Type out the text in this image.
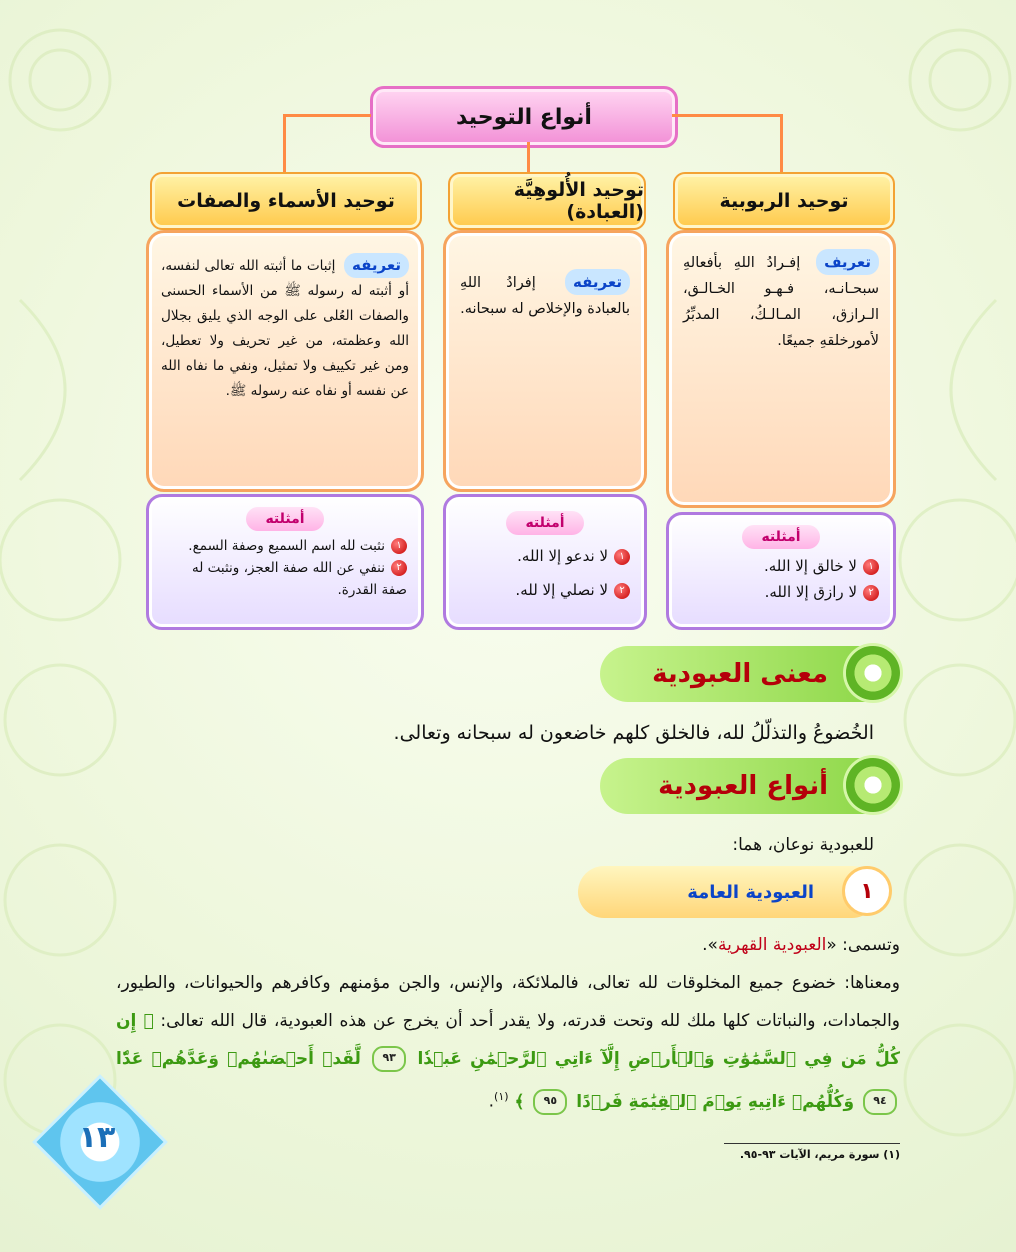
أنواع التوحيد
توحيد الربوبية
توحيد الأُلوهِيَّة (العبادة)
توحيد الأسماء والصفات
تعريف إفـرادُ اللهِ بأفعالهِ سبحـانـه، فـهـو الخـالـق، الـرازق، المـالـكُ، المدبِّرُ لأمورخلقهِ جميعًا.
تعريفه إفرادُ اللهِ بالعبادة والإخلاص له سبحانه.
تعريفه إثبات ما أثبته الله تعالى لنفسه، أو أثبته له رسوله ﷺ من الأسماء الحسنى والصفات العُلى على الوجه الذي يليق بجلال الله وعظمته، من غير تحريف ولا تعطيل، ومن غير تكييف ولا تمثيل، ونفي ما نفاه الله عن نفسه أو نفاه عنه رسوله ﷺ.
أمثلته
١لا خالق إلا الله.
٢لا رازق إلا الله.
أمثلته
١لا ندعو إلا الله.
٢لا نصلي إلا لله.
أمثلته
١نثبت لله اسم السميع وصفة السمع.
٢ننفي عن الله صفة العجز، ونثبت له صفة القدرة.
معنى العبودية
الخُضوعُ والتذلّلُ لله، فالخلق كلهم خاضعون له سبحانه وتعالى.
أنواع العبودية
للعبودية نوعان، هما:
العبودية العامة	١
وتسمى: «العبودية القهرية».
ومعناها: خضوع جميع المخلوقات لله تعالى، فالملائكة، والإنس، والجن مؤمنهم وكافرهم والحيوانات، والطيور، والجمادات، والنباتات كلها ملك لله وتحت قدرته، ولا يقدر أحد أن يخرج عن هذه العبودية، قال الله تعالى: ﴿ إِن كُلُّ مَن فِي ٱلسَّمَٰوَٰتِ وَٱلۡأَرۡضِ إِلَّآ ءَاتِي ٱلرَّحۡمَٰنِ عَبۡدٗا ٩٣ لَّقَدۡ أَحۡصَىٰهُمۡ وَعَدَّهُمۡ عَدّٗا ٩٤ وَكُلُّهُمۡ ءَاتِيهِ يَوۡمَ ٱلۡقِيَٰمَةِ فَرۡدًا ٩٥ ﴾ $^{(١)}$.
(١) سورة مريم، الآيات ٩٣-٩٥.
١٣
